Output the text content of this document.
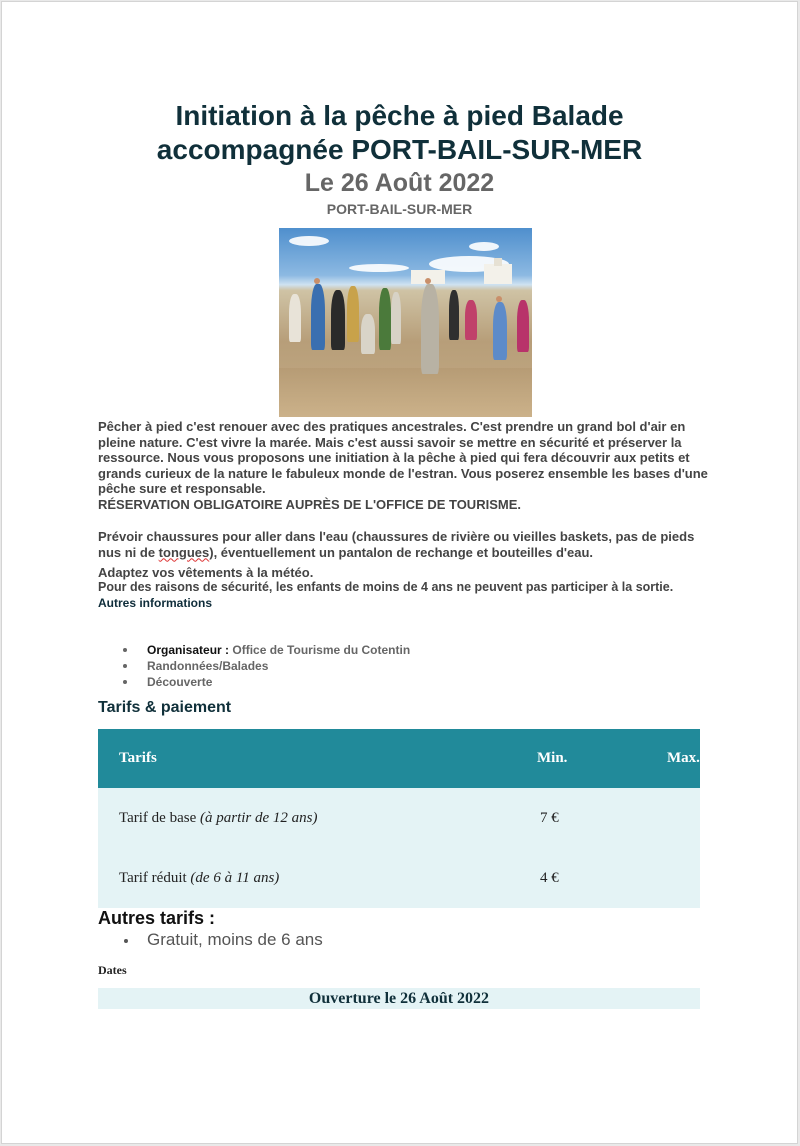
Initiation à la pêche à pied Balade
accompagnée PORT-BAIL-SUR-MER
Le 26 Août 2022
PORT-BAIL-SUR-MER

Pêcher à pied c'est renouer avec des pratiques ancestrales. C'est prendre un grand bol d'air en pleine nature. C'est vivre la marée. Mais c'est aussi savoir se mettre en sécurité et préserver la ressource. Nous vous proposons une initiation à la pêche à pied qui fera découvrir aux petits et grands curieux de la nature le fabuleux monde de l'estran. Vous poserez ensemble les bases d'une pêche sure et responsable.
RÉSERVATION OBLIGATOIRE AUPRÈS DE L'OFFICE DE TOURISME.

Prévoir chaussures pour aller dans l'eau (chaussures de rivière ou vieilles baskets, pas de pieds nus ni de tongues), éventuellement un pantalon de rechange et bouteilles d'eau.

Adaptez vos vêtements à la météo.

Pour des raisons de sécurité, les enfants de moins de 4 ans ne peuvent pas participer à la sortie.

Autres informations
Organisateur : Office de Tourisme du Cotentin
Randonnées/Balades
Découverte
Tarifs & paiement
Tarifs	Min.	Max.
Tarif de base (à partir de 12 ans)	7 €	
Tarif réduit (de 6 à 11 ans)	4 €	
Autres tarifs :
Gratuit, moins de 6 ans
Dates
Ouverture le 26 Août 2022
